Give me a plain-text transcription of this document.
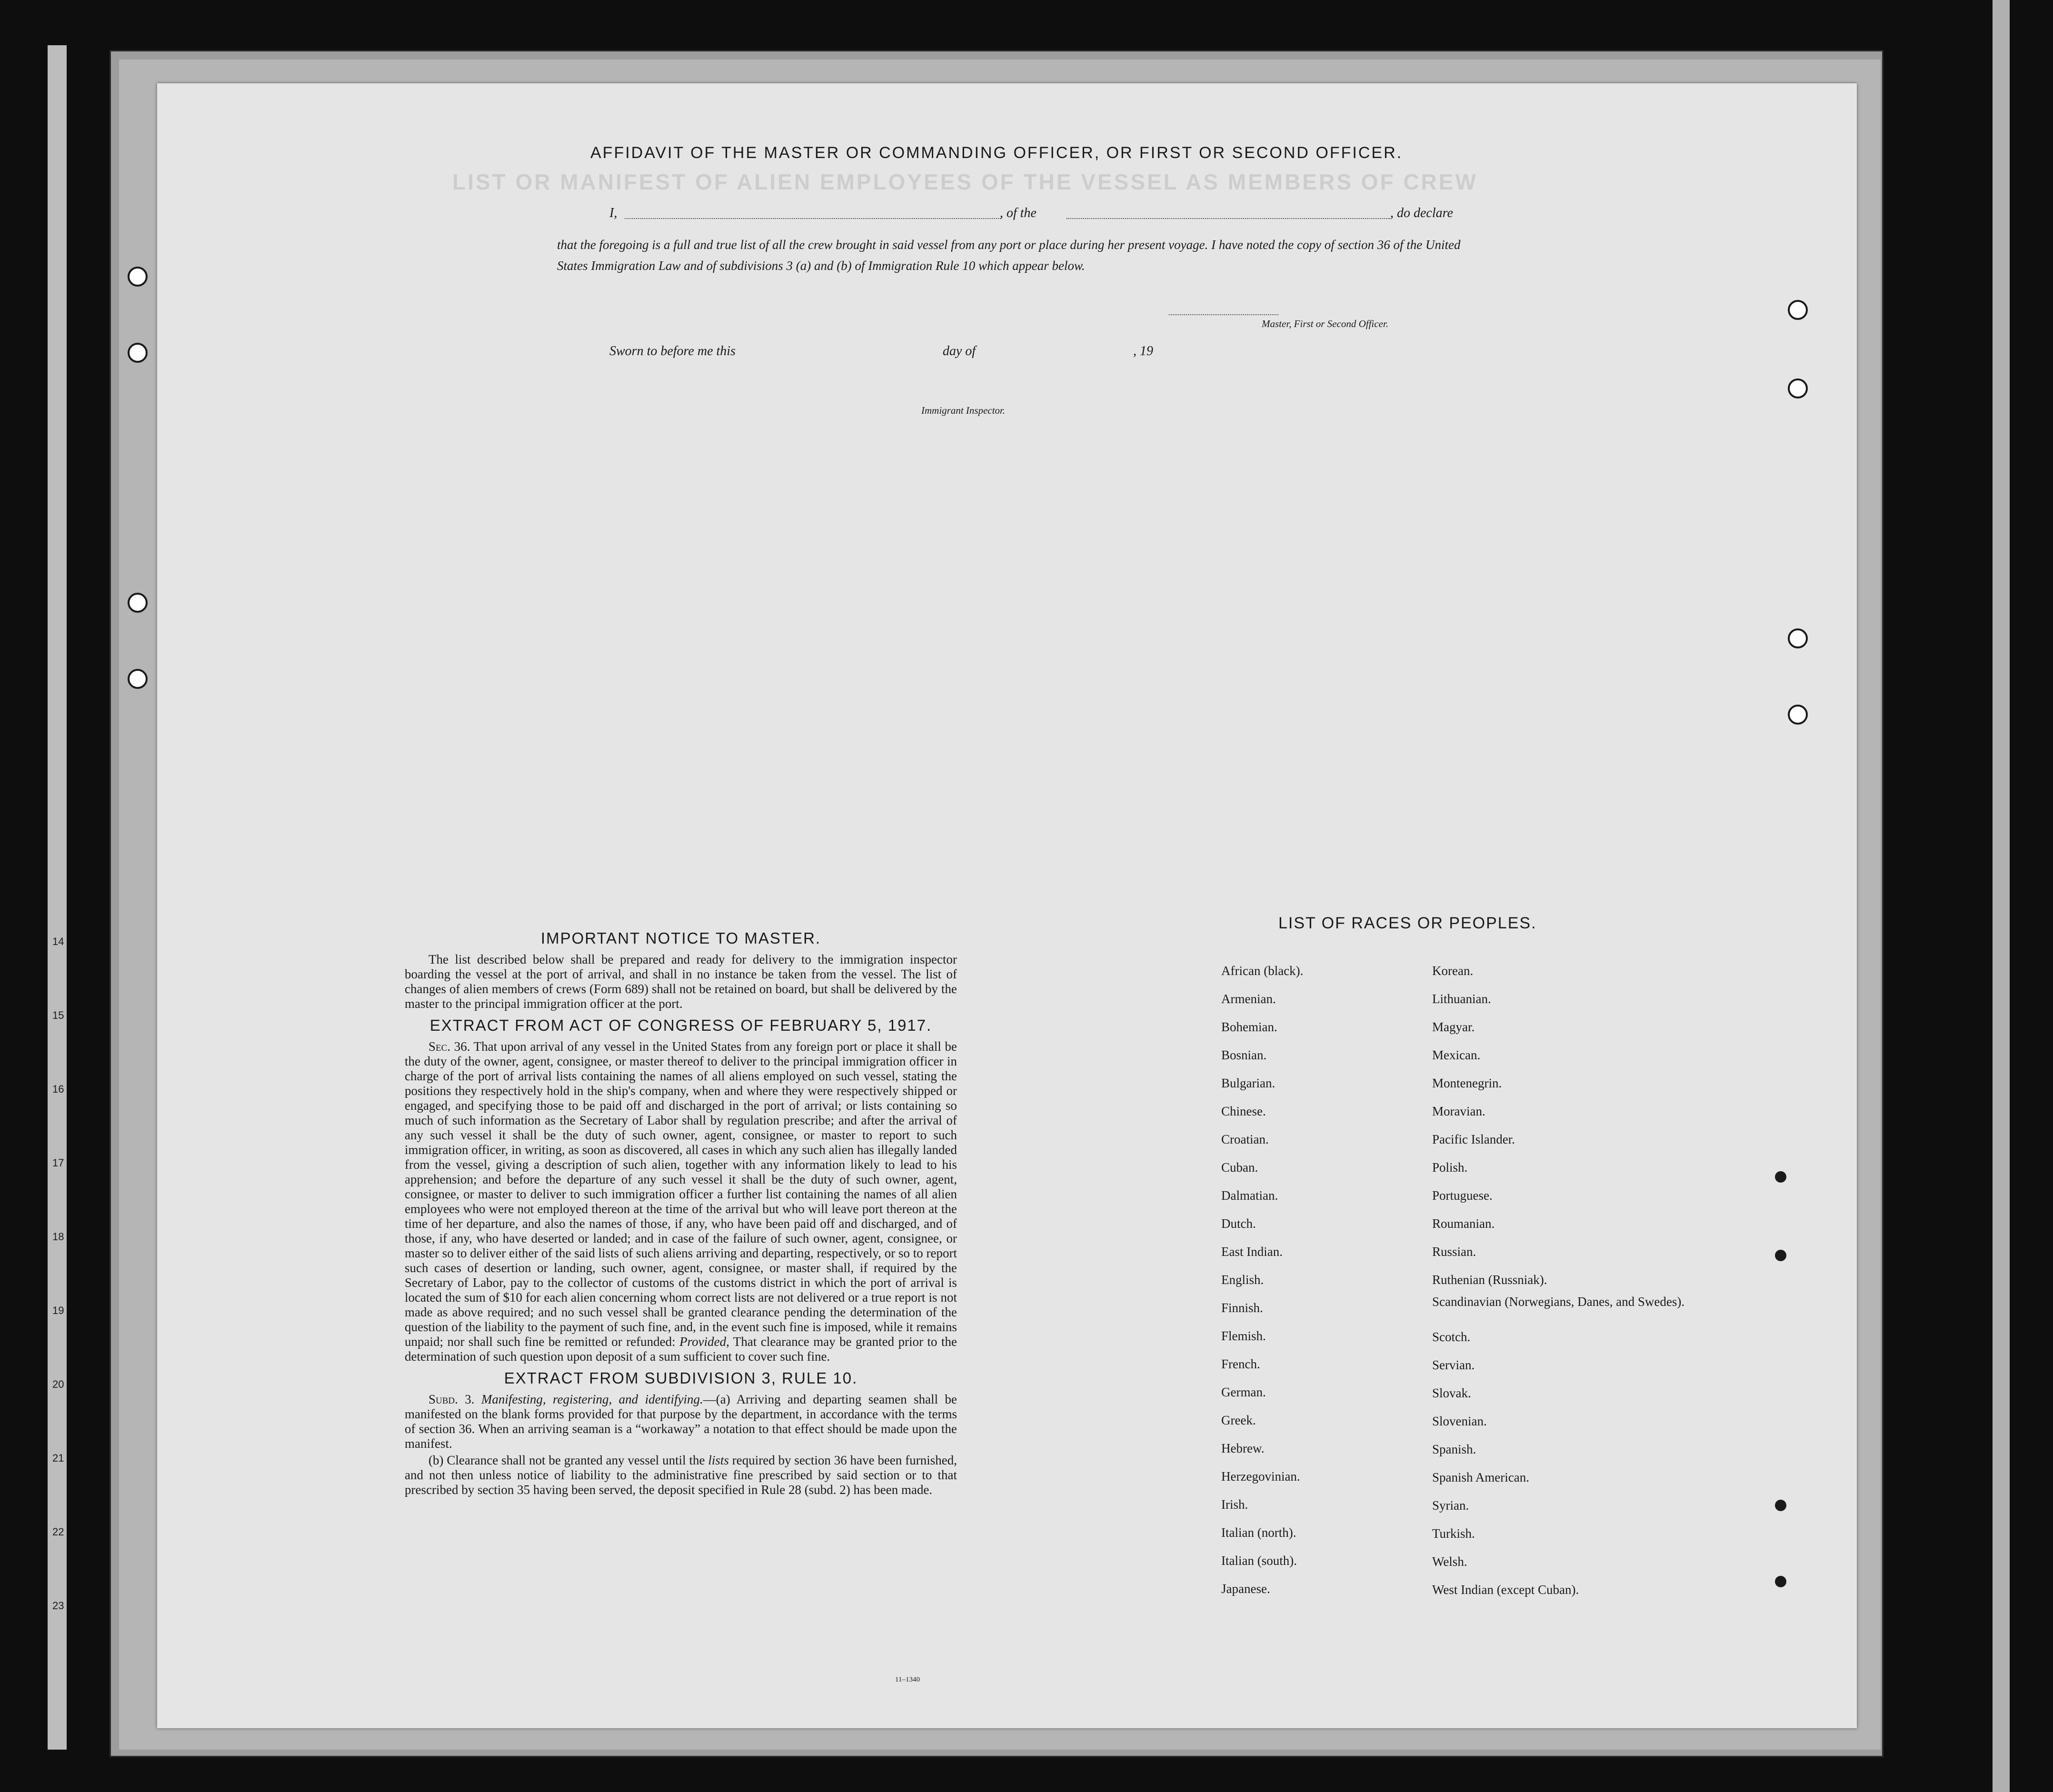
14
15
16
17
18
19
20
21
22
23
LIST OR MANIFEST OF ALIEN EMPLOYEES OF THE VESSEL AS MEMBERS OF CREW
AFFIDAVIT OF THE MASTER OR COMMANDING OFFICER, OR FIRST OR SECOND OFFICER.
I,	, of the	, do declare
that the foregoing is a full and true list of all the crew brought in said vessel from any port or place during her present voyage. I have noted the copy of section 36 of the United States Immigration Law and of subdivisions 3 (a) and (b) of Immigration Rule 10 which appear below.
Master, First or Second Officer.
Sworn to before me this	day of	, 19
Immigrant Inspector.
IMPORTANT NOTICE TO MASTER.

The list described below shall be prepared and ready for delivery to the immigration inspector boarding the vessel at the port of arrival, and shall in no instance be taken from the vessel. The list of changes of alien members of crews (Form 689) shall not be retained on board, but shall be delivered by the master to the principal immigration officer at the port.

EXTRACT FROM ACT OF CONGRESS OF FEBRUARY 5, 1917.

Sec. 36. That upon arrival of any vessel in the United States from any foreign port or place it shall be the duty of the owner, agent, consignee, or master thereof to deliver to the principal immigration officer in charge of the port of arrival lists containing the names of all aliens employed on such vessel, stating the positions they respectively hold in the ship's company, when and where they were respectively shipped or engaged, and specifying those to be paid off and discharged in the port of arrival; or lists containing so much of such information as the Secretary of Labor shall by regulation prescribe; and after the arrival of any such vessel it shall be the duty of such owner, agent, consignee, or master to report to such immigration officer, in writing, as soon as discovered, all cases in which any such alien has illegally landed from the vessel, giving a description of such alien, together with any information likely to lead to his apprehension; and before the departure of any such vessel it shall be the duty of such owner, agent, consignee, or master to deliver to such immigration officer a further list containing the names of all alien employees who were not employed thereon at the time of the arrival but who will leave port thereon at the time of her departure, and also the names of those, if any, who have been paid off and discharged, and of those, if any, who have deserted or landed; and in case of the failure of such owner, agent, consignee, or master so to deliver either of the said lists of such aliens arriving and departing, respectively, or so to report such cases of desertion or landing, such owner, agent, consignee, or master shall, if required by the Secretary of Labor, pay to the collector of customs of the customs district in which the port of arrival is located the sum of $10 for each alien concerning whom correct lists are not delivered or a true report is not made as above required; and no such vessel shall be granted clearance pending the determination of the question of the liability to the payment of such fine, and, in the event such fine is imposed, while it remains unpaid; nor shall such fine be remitted or refunded: Provided, That clearance may be granted prior to the determination of such question upon deposit of a sum sufficient to cover such fine.

EXTRACT FROM SUBDIVISION 3, RULE 10.

Subd. 3. Manifesting, registering, and identifying.—(a) Arriving and departing seamen shall be manifested on the blank forms provided for that purpose by the department, in accordance with the terms of section 36. When an arriving seaman is a “workaway” a notation to that effect should be made upon the manifest.

(b) Clearance shall not be granted any vessel until the lists required by section 36 have been furnished, and not then unless notice of liability to the administrative fine prescribed by said section or to that prescribed by section 35 having been served, the deposit specified in Rule 28 (subd. 2) has been made.

11–1340
LIST OF RACES OR PEOPLES.
African (black).
Armenian.
Bohemian.
Bosnian.
Bulgarian.
Chinese.
Croatian.
Cuban.
Dalmatian.
Dutch.
East Indian.
English.
Finnish.
Flemish.
French.
German.
Greek.
Hebrew.
Herzegovinian.
Irish.
Italian (north).
Italian (south).
Japanese.
Korean.
Lithuanian.
Magyar.
Mexican.
Montenegrin.
Moravian.
Pacific Islander.
Polish.
Portuguese.
Roumanian.
Russian.
Ruthenian (Russniak).
Scandinavian (Norwegians, Danes, and Swedes).
Scotch.
Servian.
Slovak.
Slovenian.
Spanish.
Spanish American.
Syrian.
Turkish.
Welsh.
West Indian (except Cuban).
